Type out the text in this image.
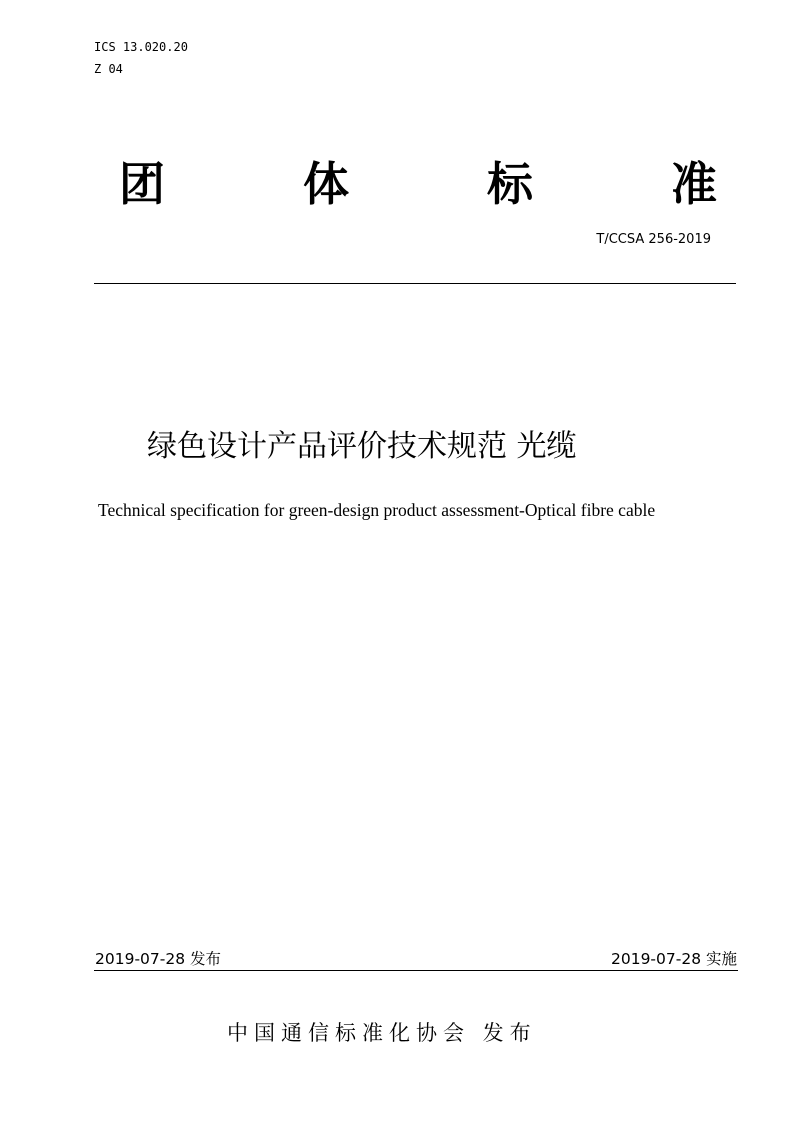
ICS 13.020.20
Z 04
团	体	标	准
T/CCSA 256-2019
绿色设计产品评价技术规范 光缆
Technical specification for green-design product assessment-Optical fibre cable
2019-07-28 发布	2019-07-28 实施
中国通信标准化协会 发布
